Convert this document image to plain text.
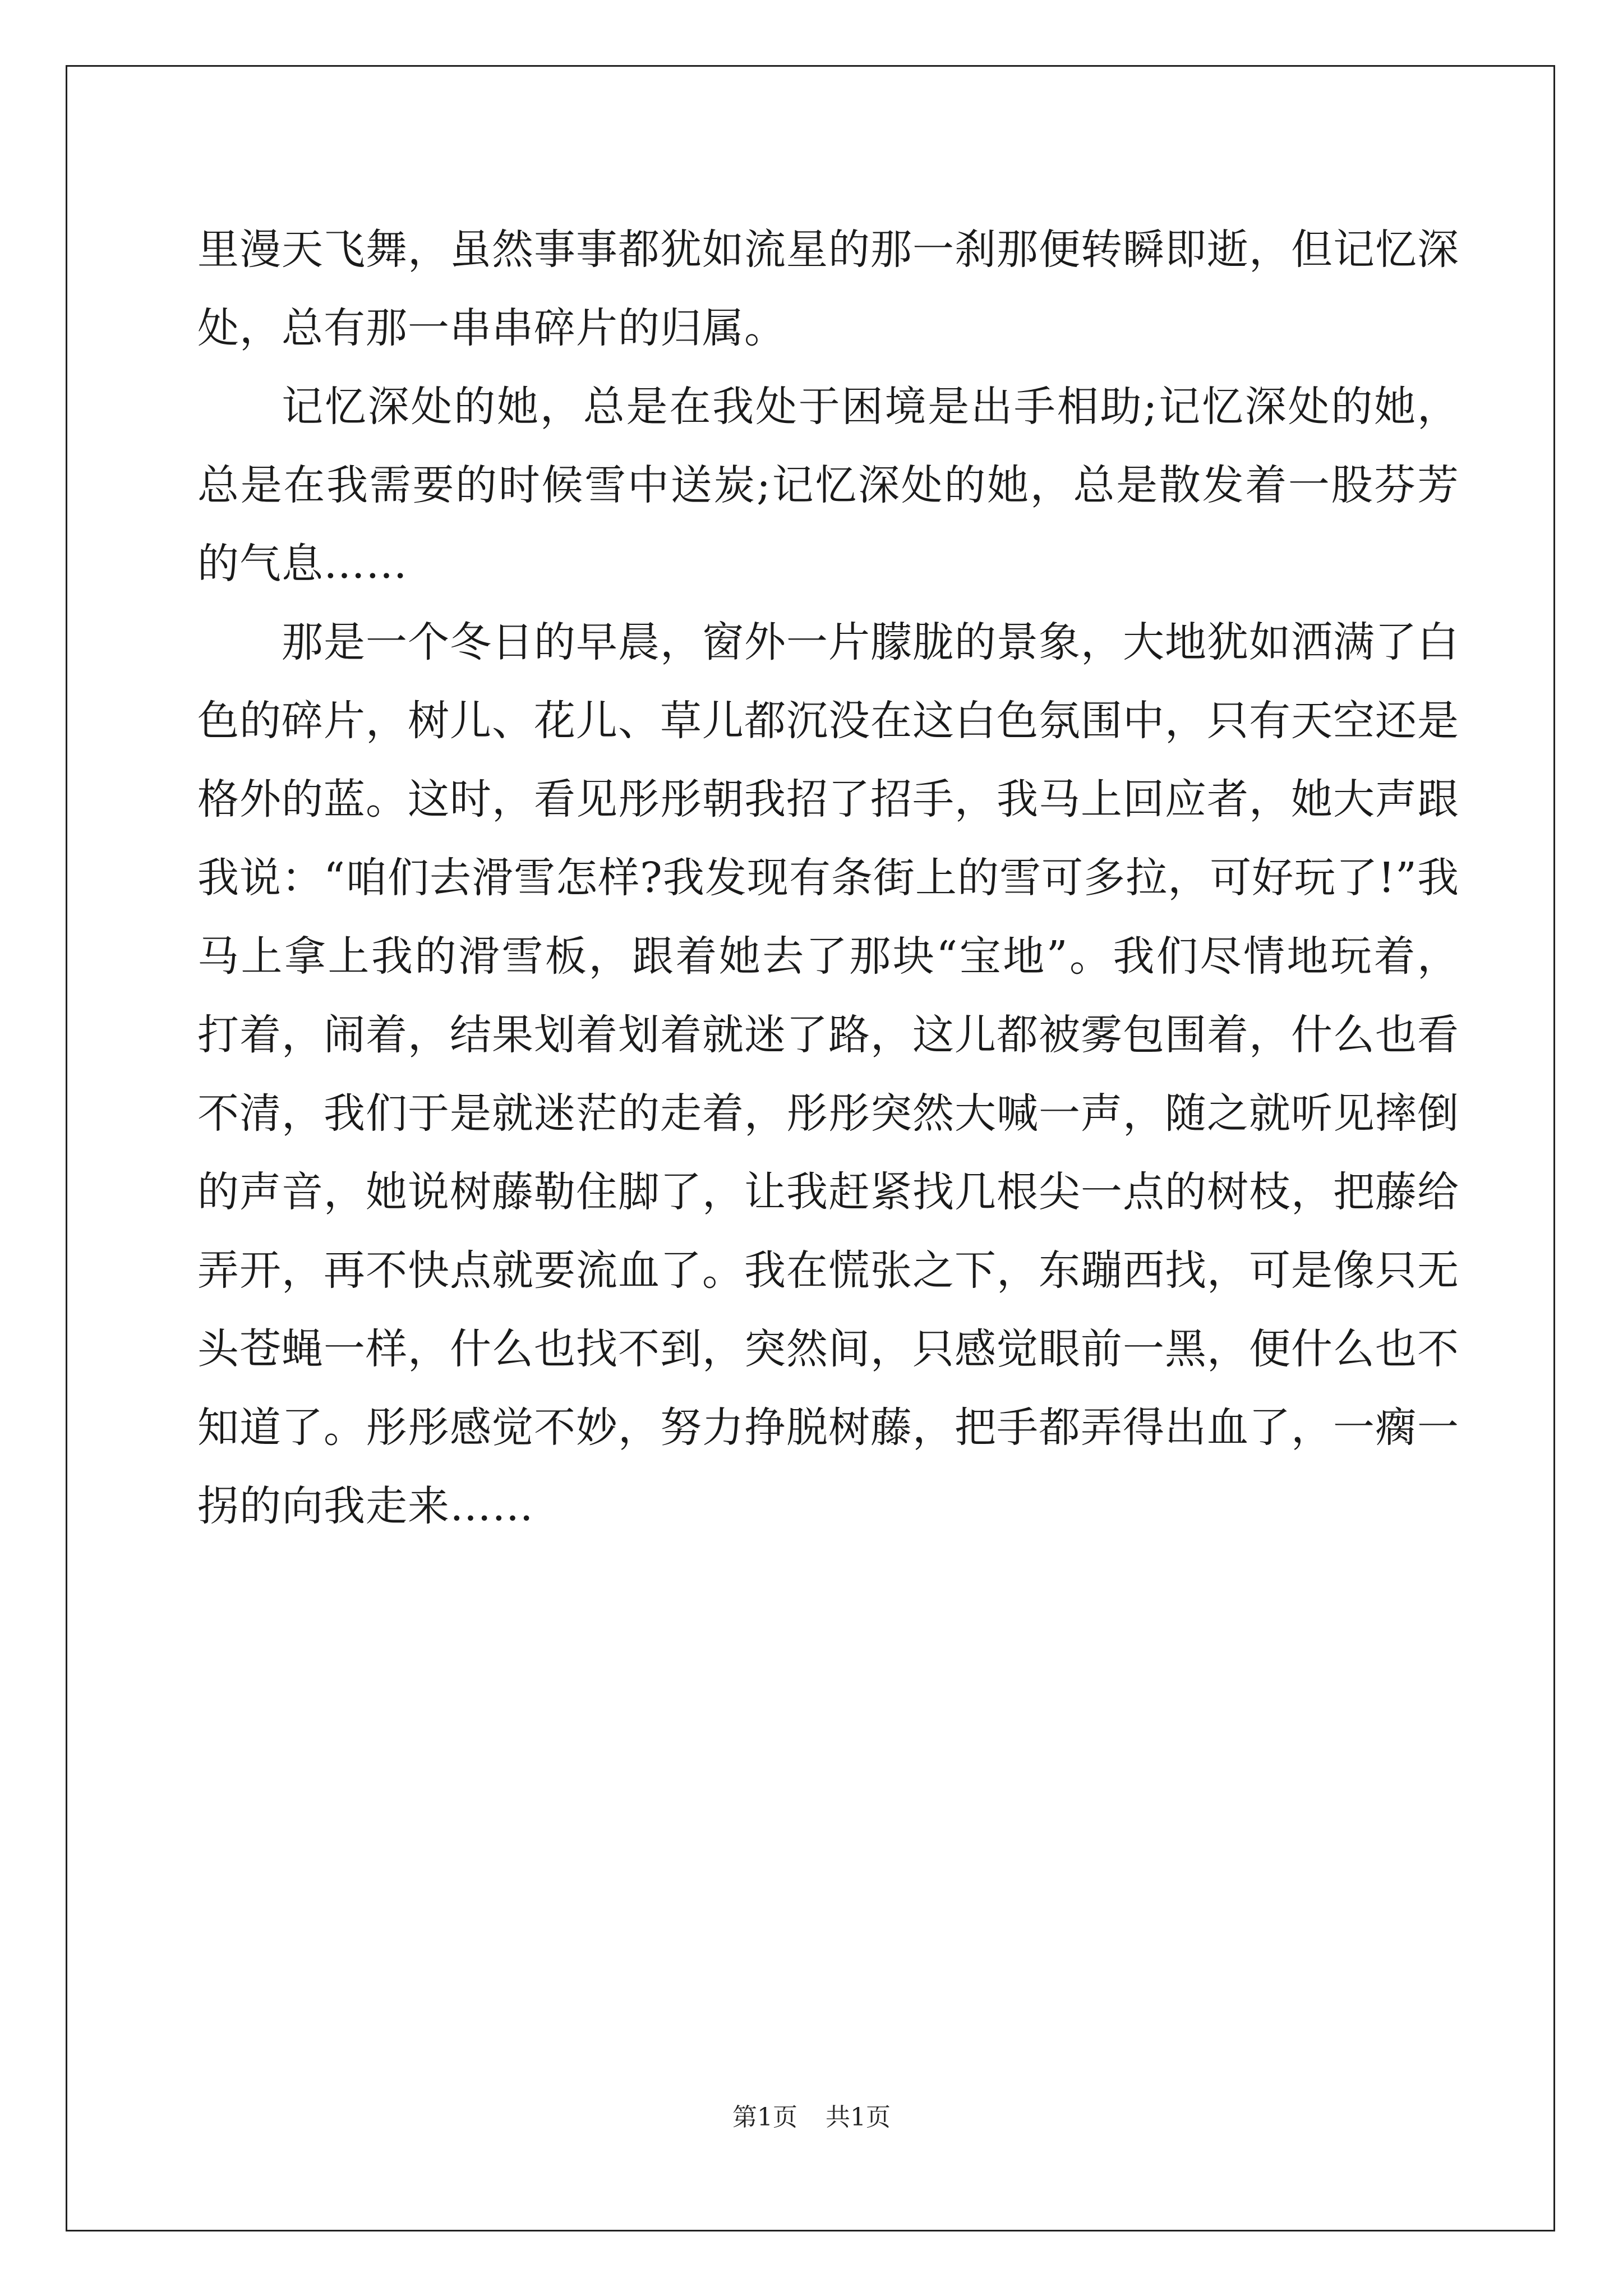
里漫天飞舞，虽然事事都犹如流星的那一刹那便转瞬即逝，但记忆深处，总有那一串串碎片的归属。

记忆深处的她，总是在我处于困境是出手相助;记忆深处的她，总是在我需要的时候雪中送炭;记忆深处的她，总是散发着一股芬芳的气息……

那是一个冬日的早晨，窗外一片朦胧的景象，大地犹如洒满了白色的碎片，树儿、花儿、草儿都沉没在这白色氛围中，只有天空还是格外的蓝。这时，看见彤彤朝我招了招手，我马上回应者，她大声跟我说：“咱们去滑雪怎样?我发现有条街上的雪可多拉，可好玩了!”我马上拿上我的滑雪板，跟着她去了那块“宝地”。我们尽情地玩着，打着，闹着，结果划着划着就迷了路，这儿都被雾包围着，什么也看不清，我们于是就迷茫的走着，彤彤突然大喊一声，随之就听见摔倒的声音，她说树藤勒住脚了，让我赶紧找几根尖一点的树枝，把藤给弄开，再不快点就要流血了。我在慌张之下，东蹦西找，可是像只无头苍蝇一样，什么也找不到，突然间，只感觉眼前一黑，便什么也不知道了。彤彤感觉不妙，努力挣脱树藤，把手都弄得出血了，一瘸一拐的向我走来……

第1页 共1页
